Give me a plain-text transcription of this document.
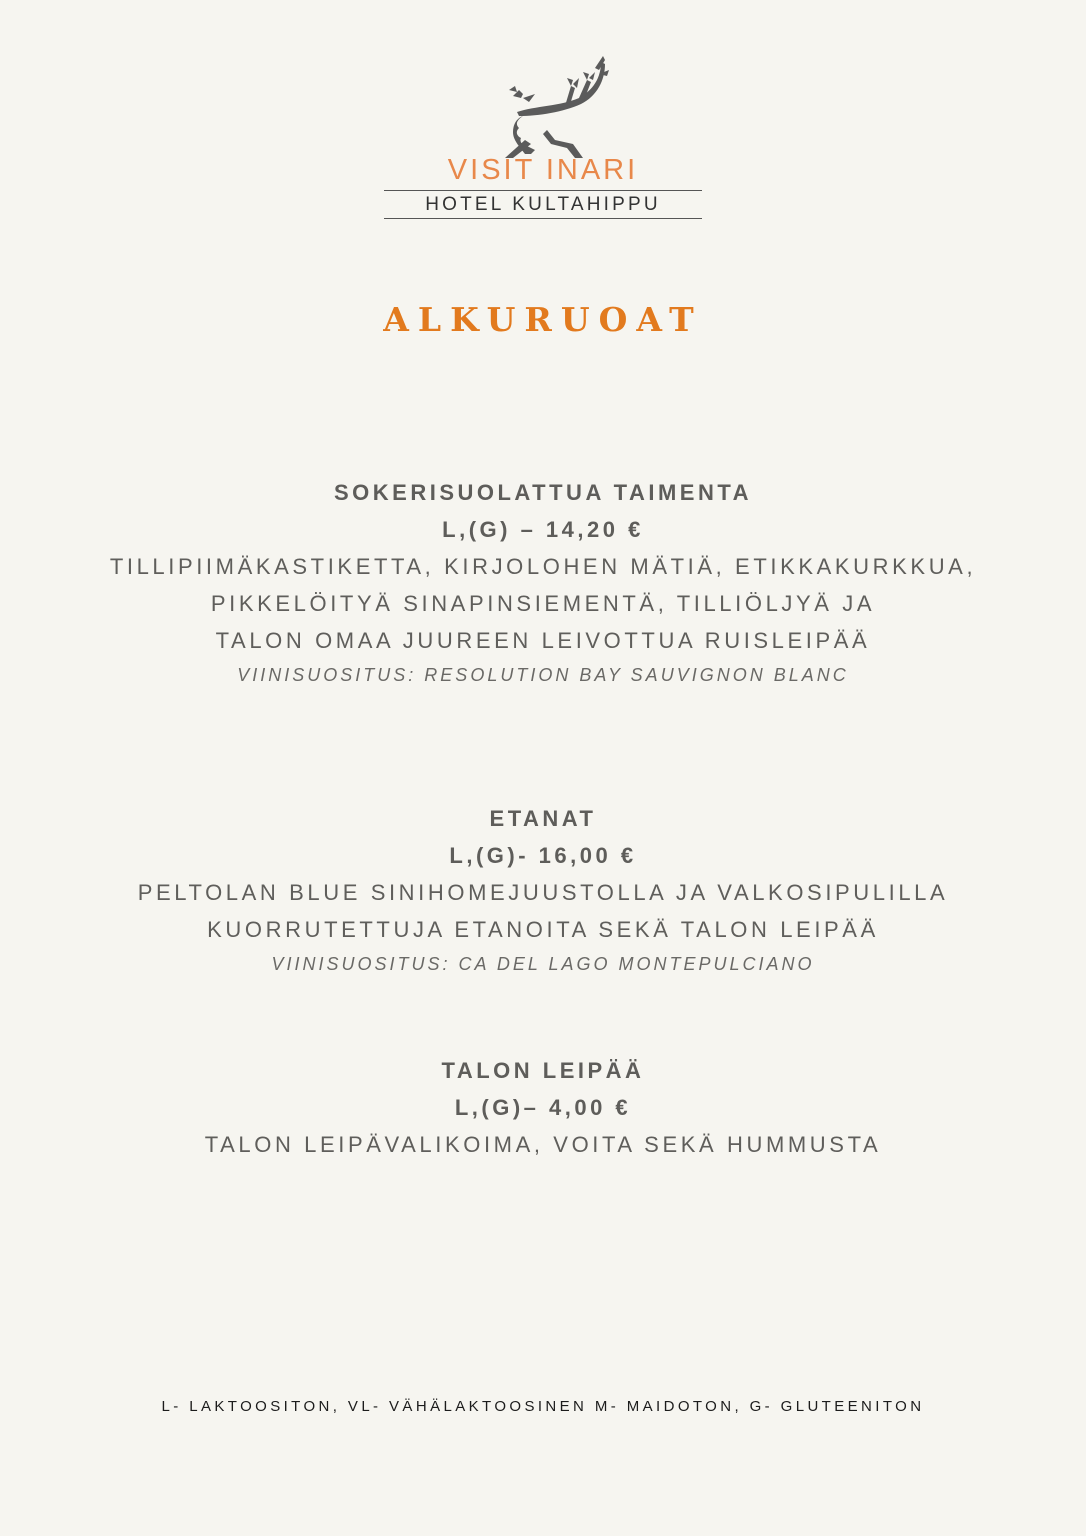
VISIT INARI
HOTEL KULTAHIPPU
ALKURUOAT
SOKERISUOLATTUA TAIMENTA
L,(G) – 14,20 €
TILLIPIIMÄKASTIKETTA, KIRJOLOHEN MÄTIÄ, ETIKKAKURKKUA,
PIKKELÖITYÄ SINAPINSIEMENTÄ, TILLIÖLJYÄ JA
TALON OMAA JUUREEN LEIVOTTUA RUISLEIPÄÄ
VIINISUOSITUS: RESOLUTION BAY SAUVIGNON BLANC
ETANAT
L,(G)- 16,00 €
PELTOLAN BLUE SINIHOMEJUUSTOLLA JA VALKOSIPULILLA
KUORRUTETTUJA ETANOITA SEKÄ TALON LEIPÄÄ
VIINISUOSITUS: CA DEL LAGO MONTEPULCIANO
TALON LEIPÄÄ
L,(G)– 4,00 €
TALON LEIPÄVALIKOIMA, VOITA SEKÄ HUMMUSTA
L- LAKTOOSITON, VL- VÄHÄLAKTOOSINEN M- MAIDOTON, G- GLUTEENITON
